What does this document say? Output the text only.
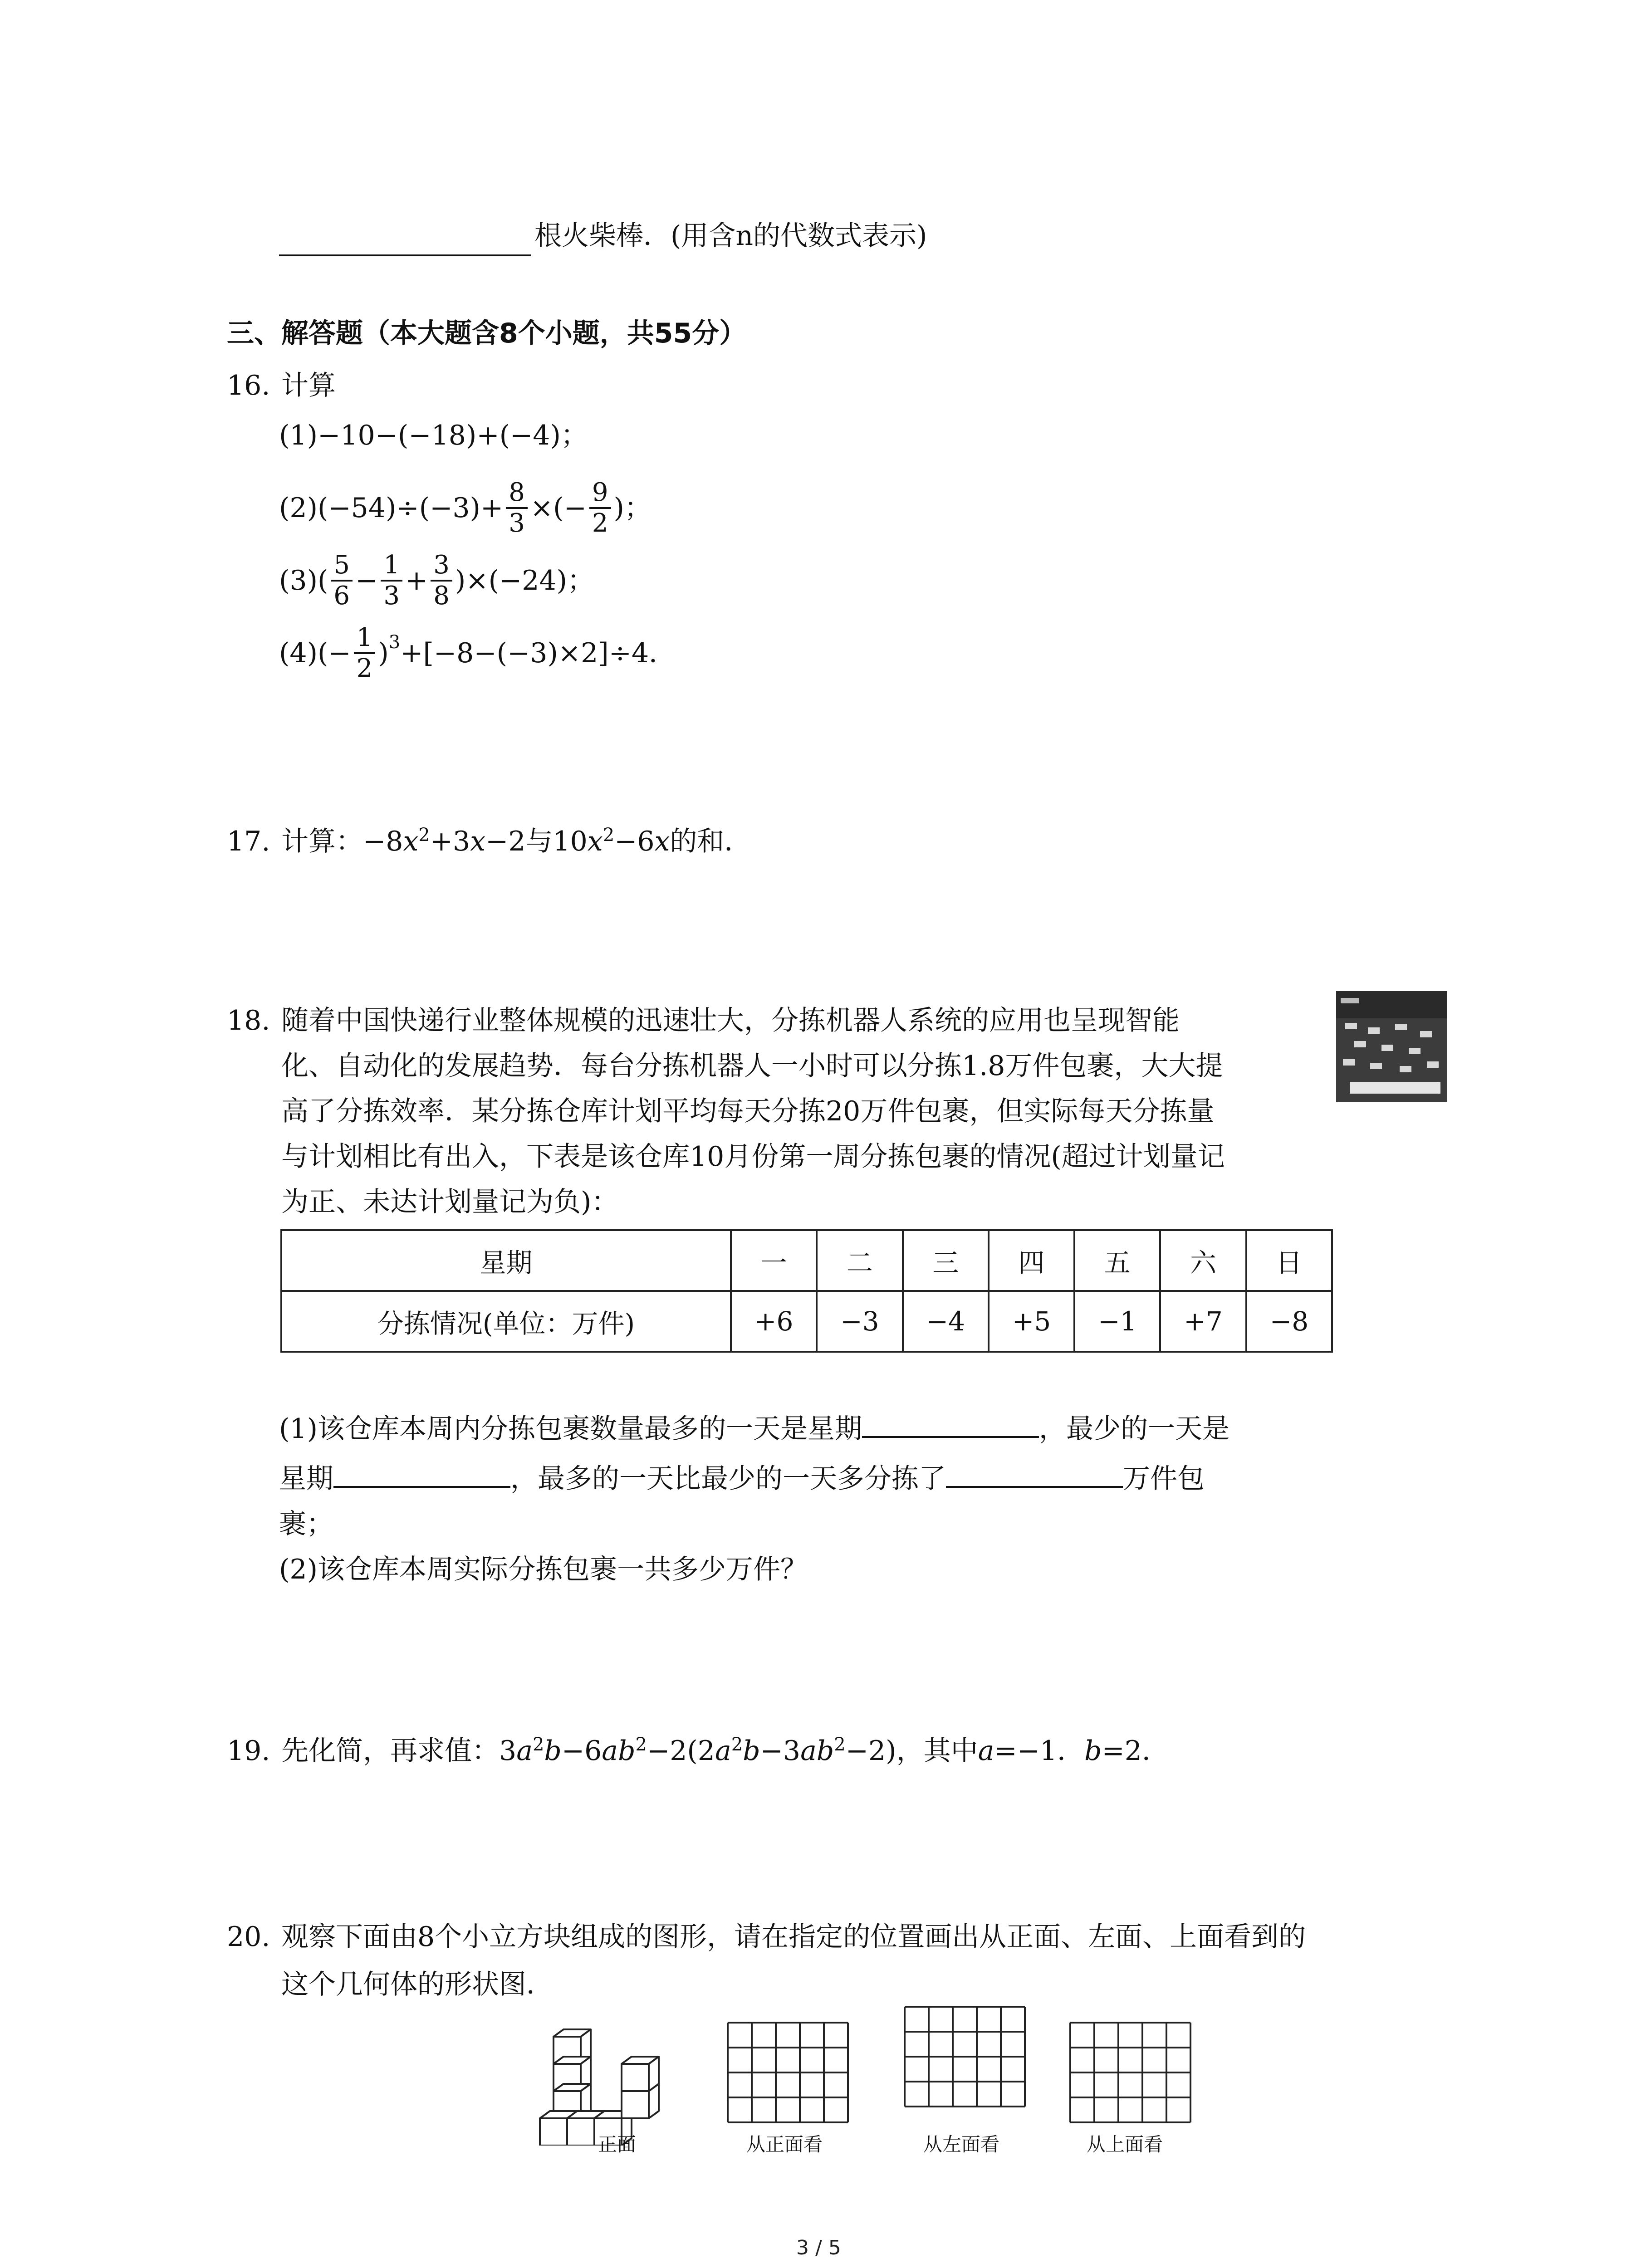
根火柴棒．(用含n的代数式表示)
三、解答题（本大题含8个小题，共55分）
16. 计算
(1)−10−(−18)+(−4)；
$(2)(-54)\div(-3)+ \frac{8}{3}$ ×(− $\frac{9}{2}$ )；
$(3)( \frac{5}{6} - \frac{1}{3} + \frac{3}{8} )\times(-24)$；
$(4)(- \frac{1}{2} )^3 +[-8-(-3)\times 2]\div 4$．
17. 计算：$-8x^2+3x-2$与$10x^2-6x$的和．
18. 随着中国快递行业整体规模的迅速壮大，分拣机器人系统的应用也呈现智能
化、自动化的发展趋势．每台分拣机器人一小时可以分拣1.8万件包裹，大大提
高了分拣效率．某分拣仓库计划平均每天分拣20万件包裹，但实际每天分拣量
与计划相比有出入，下表是该仓库10月份第一周分拣包裹的情况(超过计划量记
为正、未达计划量记为负)：
星期	一	二	三	四	五	六	日
分拣情况(单位：万件)	+6	−3	−4	+5	−1	+7	−8
(1)该仓库本周内分拣包裹数量最多的一天是星期	，最少的一天是
星期	，最多的一天比最少的一天多分拣了	万件包
裹；
(2)该仓库本周实际分拣包裹一共多少万件？
19. 先化简，再求值：$3a^2b-6ab^2-2(2a^2b-3ab^2-2)$，其中a=−1．b=2．
20. 观察下面由8个小立方块组成的图形，请在指定的位置画出从正面、左面、上面看到的
这个几何体的形状图．
正面	从正面看	从左面看	从上面看
3 / 5
